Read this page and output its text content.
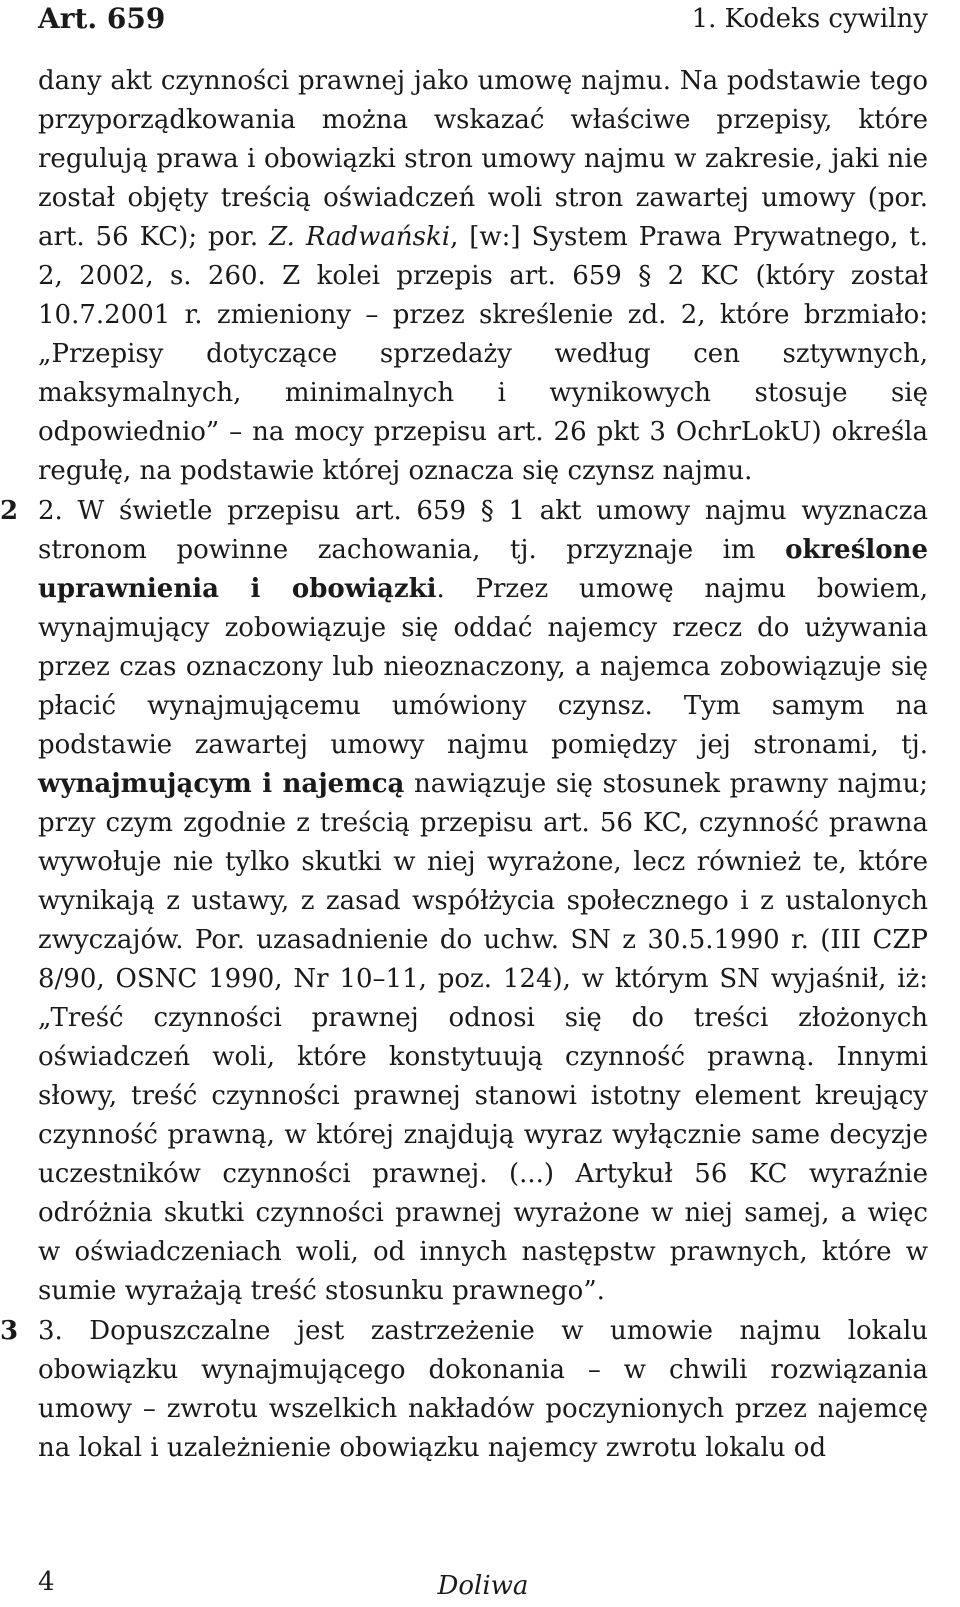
Art. 659	1. Kodeks cywilny

dany akt czynności prawnej jako umowę najmu. Na podstawie tego przyporządkowania można wskazać właściwe przepisy, które regulują prawa i obowiązki stron umowy najmu w zakresie, jaki nie został objęty treścią oświadczeń woli stron zawartej umowy (por. art. 56 KC); por. Z. Radwański, [w:] System Prawa Prywatnego, t. 2, 2002, s. 260. Z kolei przepis art. 659 § 2 KC (który został 10.7.2001 r. zmieniony – przez skreślenie zd. 2, które brzmiało: „Przepisy dotyczące sprzedaży według cen sztywnych, maksymalnych, minimalnych i wynikowych stosuje się odpowiednio” – na mocy przepisu art. 26 pkt 3 OchrLokU) określa regułę, na podstawie której oznacza się czynsz najmu.

2 2. W świetle przepisu art. 659 § 1 akt umowy najmu wyznacza stronom powinne zachowania, tj. przyznaje im określone uprawnienia i obowiązki. Przez umowę najmu bowiem, wynajmujący zobowiązuje się oddać najemcy rzecz do używania przez czas oznaczony lub nieoznaczony, a najemca zobowiązuje się płacić wynajmującemu umówiony czynsz. Tym samym na podstawie zawartej umowy najmu pomiędzy jej stronami, tj. wynajmującym i najemcą nawiązuje się stosunek prawny najmu; przy czym zgodnie z treścią przepisu art. 56 KC, czynność prawna wywołuje nie tylko skutki w niej wyrażone, lecz również te, które wynikają z ustawy, z zasad współżycia społecznego i z ustalonych zwyczajów. Por. uzasadnienie do uchw. SN z 30.5.1990 r. (III CZP 8/90, OSNC 1990, Nr 10–11, poz. 124), w którym SN wyjaśnił, iż: „Treść czynności prawnej odnosi się do treści złożonych oświadczeń woli, które konstytuują czynność prawną. Innymi słowy, treść czynności prawnej stanowi istotny element kreujący czynność prawną, w której znajdują wyraz wyłącznie same decyzje uczestników czynności prawnej. (...) Artykuł 56 KC wyraźnie odróżnia skutki czynności prawnej wyrażone w niej samej, a więc w oświadczeniach woli, od innych następstw prawnych, które w sumie wyrażają treść stosunku prawnego”.

3 3. Dopuszczalne jest zastrzeżenie w umowie najmu lokalu obowiązku wynajmującego dokonania – w chwili rozwiązania umowy – zwrotu wszelkich nakładów poczynionych przez najemcę na lokal i uzależnienie obowiązku najemcy zwrotu lokalu od

4	Doliwa
